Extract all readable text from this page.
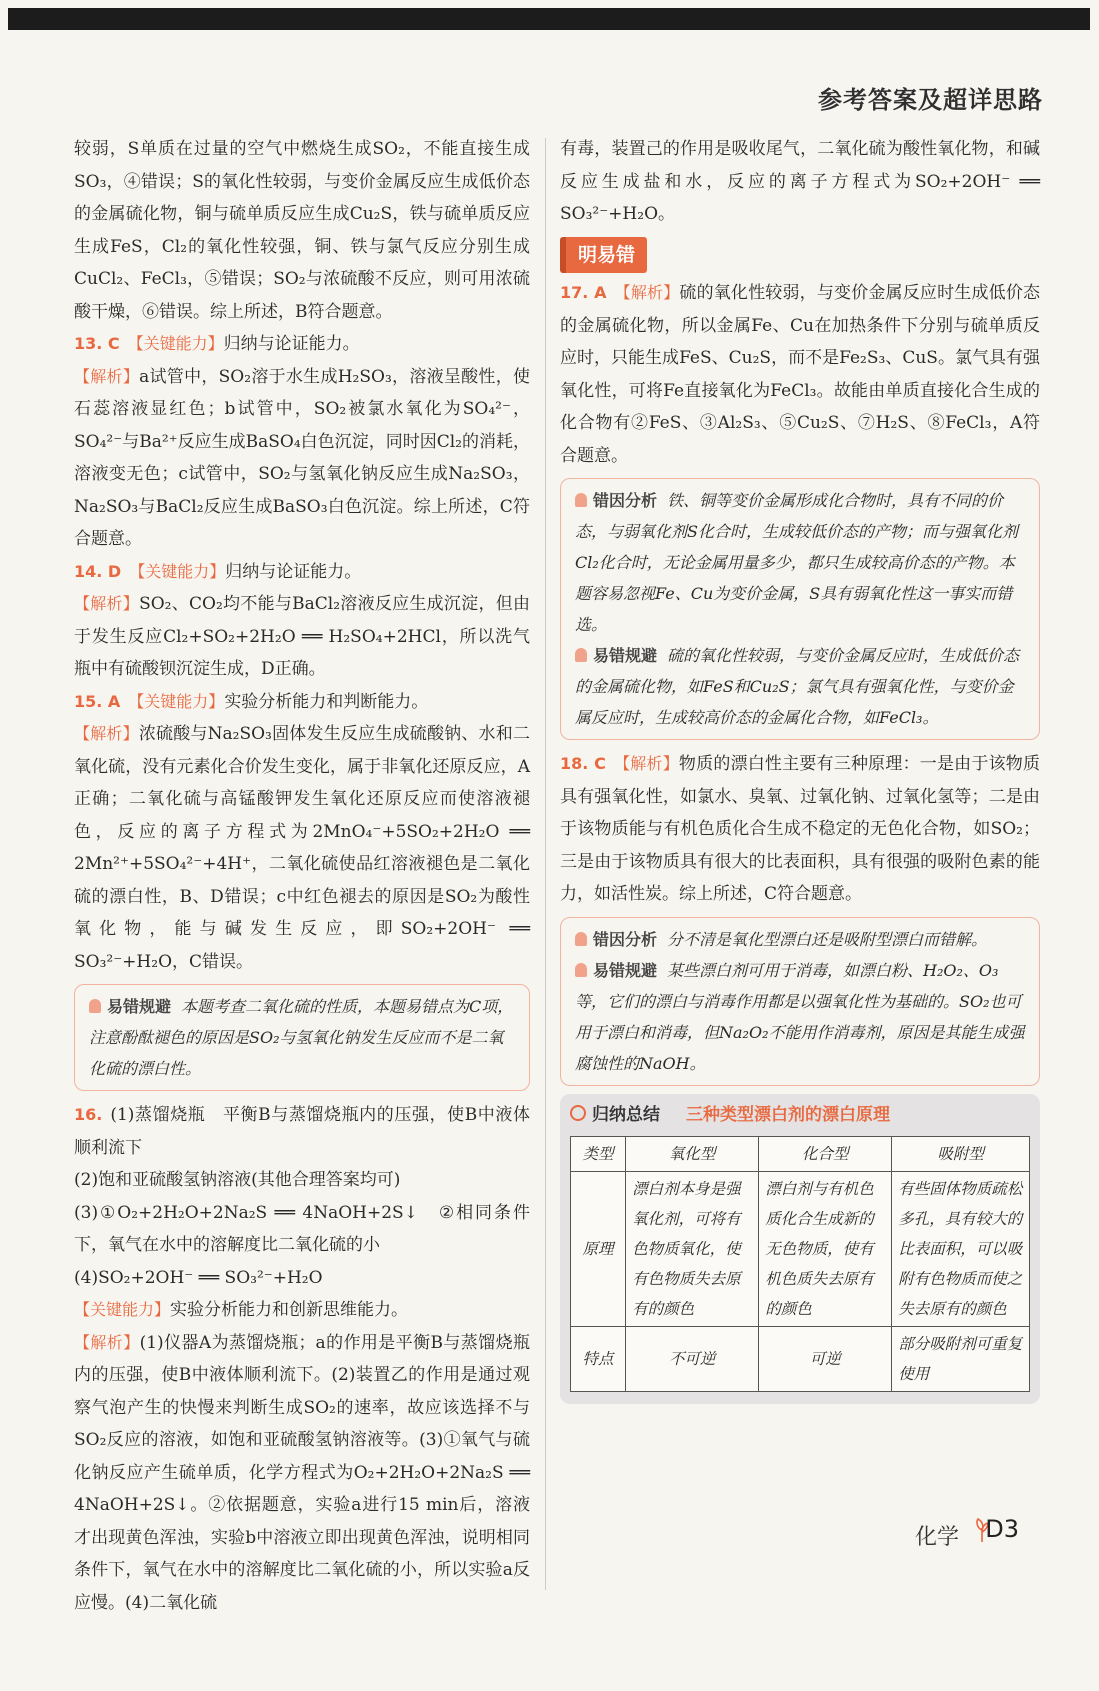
参考答案及超详思路

较弱，S单质在过量的空气中燃烧生成SO₂，不能直接生成SO₃，④错误；S的氧化性较弱，与变价金属反应生成低价态的金属硫化物，铜与硫单质反应生成Cu₂S，铁与硫单质反应生成FeS，Cl₂的氧化性较强，铜、铁与氯气反应分别生成CuCl₂、FeCl₃，⑤错误；SO₂与浓硫酸不反应，则可用浓硫酸干燥，⑥错误。综上所述，B符合题意。

13. C 【关键能力】归纳与论证能力。

【解析】a试管中，SO₂溶于水生成H₂SO₃，溶液呈酸性，使石蕊溶液显红色；b试管中，SO₂被氯水氧化为SO₄²⁻，SO₄²⁻与Ba²⁺反应生成BaSO₄白色沉淀，同时因Cl₂的消耗，溶液变无色；c试管中，SO₂与氢氧化钠反应生成Na₂SO₃，Na₂SO₃与BaCl₂反应生成BaSO₃白色沉淀。综上所述，C符合题意。

14. D 【关键能力】归纳与论证能力。

【解析】SO₂、CO₂均不能与BaCl₂溶液反应生成沉淀，但由于发生反应Cl₂+SO₂+2H₂O ══ H₂SO₄+2HCl，所以洗气瓶中有硫酸钡沉淀生成，D正确。

15. A 【关键能力】实验分析能力和判断能力。

【解析】浓硫酸与Na₂SO₃固体发生反应生成硫酸钠、水和二氧化硫，没有元素化合价发生变化，属于非氧化还原反应，A正确；二氧化硫与高锰酸钾发生氧化还原反应而使溶液褪色，反应的离子方程式为2MnO₄⁻+5SO₂+2H₂O ══ 2Mn²⁺+5SO₄²⁻+4H⁺，二氧化硫使品红溶液褪色是二氧化硫的漂白性，B、D错误；c中红色褪去的原因是SO₂为酸性氧化物，能与碱发生反应，即SO₂+2OH⁻ ══ SO₃²⁻+H₂O，C错误。

易错规避 本题考查二氧化硫的性质，本题易错点为C项，注意酚酞褪色的原因是SO₂与氢氧化钠发生反应而不是二氧化硫的漂白性。

16. (1)蒸馏烧瓶　平衡B与蒸馏烧瓶内的压强，使B中液体顺利流下

(2)饱和亚硫酸氢钠溶液(其他合理答案均可)

(3)①O₂+2H₂O+2Na₂S ══ 4NaOH+2S↓　②相同条件下，氧气在水中的溶解度比二氧化硫的小

(4)SO₂+2OH⁻ ══ SO₃²⁻+H₂O

【关键能力】实验分析能力和创新思维能力。

【解析】(1)仪器A为蒸馏烧瓶；a的作用是平衡B与蒸馏烧瓶内的压强，使B中液体顺利流下。(2)装置乙的作用是通过观察气泡产生的快慢来判断生成SO₂的速率，故应该选择不与SO₂反应的溶液，如饱和亚硫酸氢钠溶液等。(3)①氧气与硫化钠反应产生硫单质，化学方程式为O₂+2H₂O+2Na₂S ══ 4NaOH+2S↓。②依据题意，实验a进行15 min后，溶液才出现黄色浑浊，实验b中溶液立即出现黄色浑浊，说明相同条件下，氧气在水中的溶解度比二氧化硫的小，所以实验a反应慢。(4)二氧化硫

有毒，装置己的作用是吸收尾气，二氧化硫为酸性氧化物，和碱反应生成盐和水，反应的离子方程式为SO₂+2OH⁻ ══ SO₃²⁻+H₂O。

明易错

17. A 【解析】硫的氧化性较弱，与变价金属反应时生成低价态的金属硫化物，所以金属Fe、Cu在加热条件下分别与硫单质反应时，只能生成FeS、Cu₂S，而不是Fe₂S₃、CuS。氯气具有强氧化性，可将Fe直接氧化为FeCl₃。故能由单质直接化合生成的化合物有②FeS、③Al₂S₃、⑤Cu₂S、⑦H₂S、⑧FeCl₃，A符合题意。

错因分析 铁、铜等变价金属形成化合物时，具有不同的价态，与弱氧化剂S化合时，生成较低价态的产物；而与强氧化剂Cl₂化合时，无论金属用量多少，都只生成较高价态的产物。本题容易忽视Fe、Cu为变价金属，S具有弱氧化性这一事实而错选。
易错规避 硫的氧化性较弱，与变价金属反应时，生成低价态的金属硫化物，如FeS和Cu₂S；氯气具有强氧化性，与变价金属反应时，生成较高价态的金属化合物，如FeCl₃。

18. C 【解析】物质的漂白性主要有三种原理：一是由于该物质具有强氧化性，如氯水、臭氧、过氧化钠、过氧化氢等；二是由于该物质能与有机色质化合生成不稳定的无色化合物，如SO₂；三是由于该物质具有很大的比表面积，具有很强的吸附色素的能力，如活性炭。综上所述，C符合题意。

错因分析 分不清是氧化型漂白还是吸附型漂白而错解。
易错规避 某些漂白剂可用于消毒，如漂白粉、H₂O₂、O₃等，它们的漂白与消毒作用都是以强氧化性为基础的。SO₂也可用于漂白和消毒，但Na₂O₂不能用作消毒剂，原因是其能生成强腐蚀性的NaOH。
归纳总结 三种类型漂白剂的漂白原理
类型	氧化型	化合型	吸附型
原理	漂白剂本身是强氧化剂，可将有色物质氧化，使有色物质失去原有的颜色	漂白剂与有机色质化合生成新的无色物质，使有机色质失去原有的颜色	有些固体物质疏松多孔，具有较大的比表面积，可以吸附有色物质而使之失去原有的颜色
特点	不可逆	可逆	部分吸附剂可重复使用
化学 D3
